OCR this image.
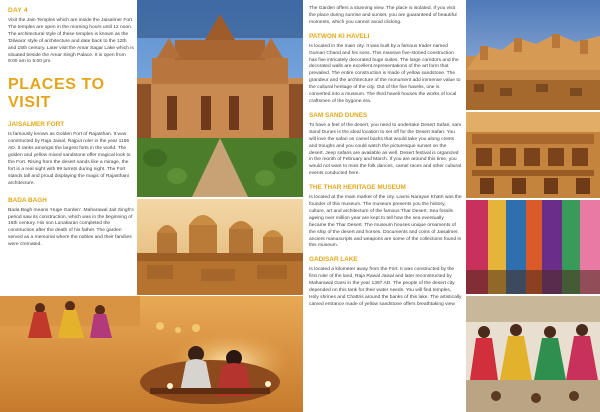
DAY 4

Visit the Jain Temples which are inside the Jaisalmer Fort. The temples are open in the morning hours until 12 noon. The architectural style of these temples is known as the 'Dilwara' style of architecture and date back to the 12th and 15th century. Later visit the Amar Sagar Lake which is situated beside the Amar Singh Palace. It is open from 9:00 am to 5:00 pm.

PLACES TO VISIT
JAISALMER FORT

Is famously known as Golden Fort of Rajasthan. It was constructed by Raja Jaisal, Rajput ruler in the year 1156 AD. It ranks amongst the largest forts in the world. The golden and yellow mixed sandstone offer magical look to the Fort. Rising from the desert sands like a mirage, the fort is a real sight with 99 turrets during night. The Fort stands tall and proud displaying the magic of Rajasthani architecture.

BADA BAGH

Bada Bagh means 'Huge Garden'. Maharawal Jait Singh's period saw its construction, which was in the beginning of 16th century. His son Lunakaran completed the construction after the death of his father. The garden served as a memorial where the nobles and their families were cremated.

The Garden offers a stunning view. The place is isolated. If you visit the place during sunrise and sunset, you are guaranteed of beautiful moments, which you cannot avoid clicking.

PATWON KI HAVELI

Is located in the main city. It was built by a famous trader named Guman Chand and his sons. This massive five-storied construction has five intricately decorated huge suites. The large corridors and the decorated walls are excellent representations of the art form that prevailed. The entire construction is made of yellow sandstone. The grandeur and the architecture of the monument add immense value to the cultural heritage of the city. Out of the five havelis, one is converted into a museum. The third haveli houses the works of local craftsmen of the bygone era.

SAM SAND DUNES

To have a feel of the desert, you need to undertake Desert Safari, sam Sand Dunes is the ideal location to set off for the Desert Safari. You will love the safari on camel backs that would take you along crests and troughs and you could watch the picturesque sunset on the desert. Jeep safaris are available as well. Desert festival is organized in the month of February and March. If you are around this time, you would not want to miss the folk dances, camel races and other cultural events conducted here.

THE THAR HERITAGE MUSEUM

Is located at the main market of the city. Laxmi Narayan Khatri was the founder of this museum. The museum presents you the history, culture, art and architecture of the famous Thar Desert. Sea fossils ageing over million year are kept to tell how the sea eventually became the Thar Desert. The museum houses unique ornaments of the ship of the desert and horses. Documents and coins of Jaisalmer, ancient manuscripts and weapons are some of the collections found in this museum.

GADISAR LAKE

Is located a kilometer away from the Fort. It was constructed by the first ruler of the land, Raja Rawal Jaisal and later reconstructed by Maharawal Garsi in the year 1367 AD. The people of the desert city depended on this tank for their water needs. You will find temples, Holy shrines and Chattris around the banks of this lake. The artistically carved entrance made of yellow sandstone offers breathtaking view
